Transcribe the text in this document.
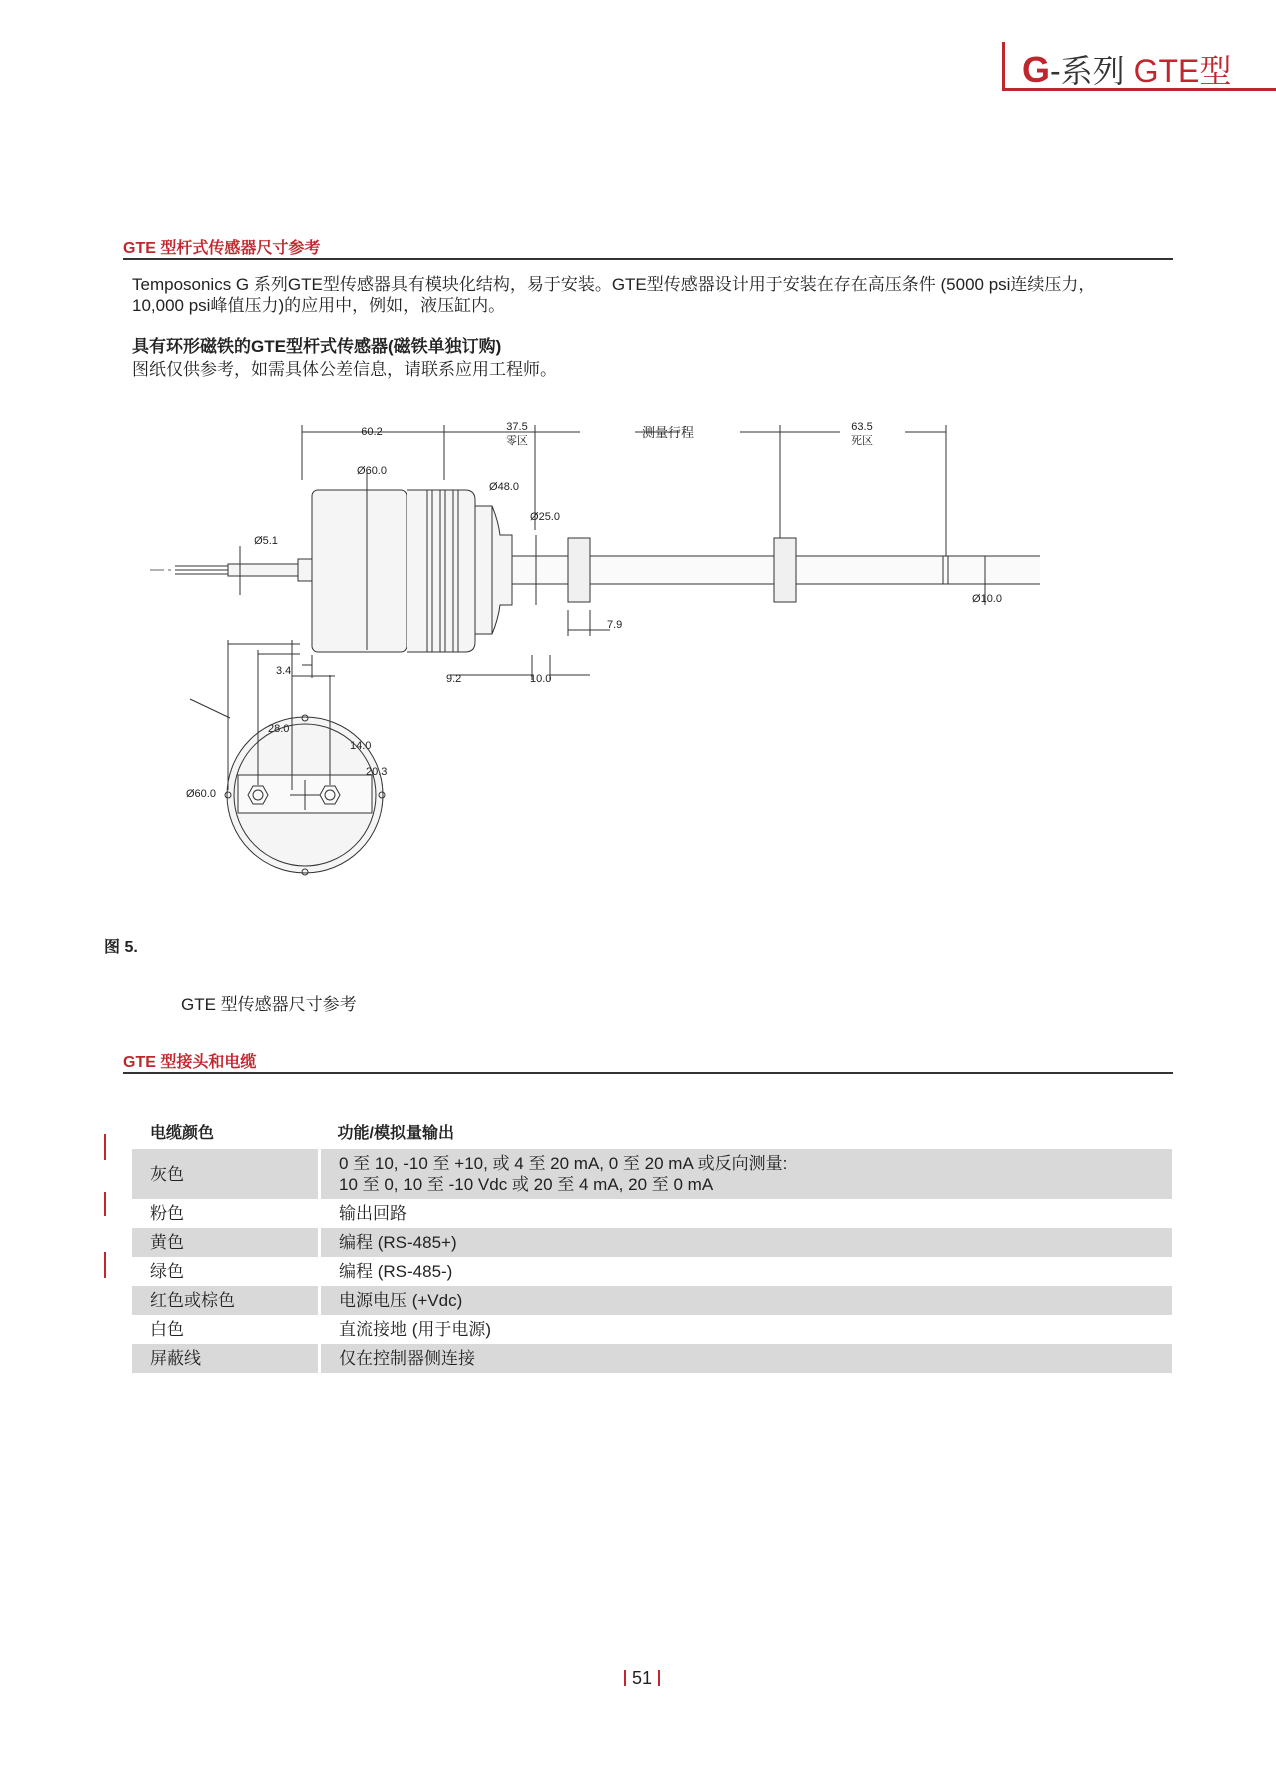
G-系列 GTE型
GTE 型杆式传感器尺寸参考
Temposonics G 系列GTE型传感器具有模块化结构，易于安装。GTE型传感器设计用于安装在存在高压条件 (5000 psi连续压力，
10,000 psi峰值压力)的应用中，例如，液压缸内。
具有环形磁铁的GTE型杆式传感器(磁铁单独订购)
图纸仅供参考，如需具体公差信息，请联系应用工程师。
60.2	37.5
零区
测量行程	63.5
死区
Ø60.0
Ø48.0
Ø25.0
Ø5.1
Ø10.0
7.9
3.4
9.2	10.0
28.0
14.0
20.3
Ø60.0
图 5.
GTE 型传感器尺寸参考
GTE 型接头和电缆
电缆颜色	功能/模拟量输出
灰色	0 至 10, -10 至 +10, 或 4 至 20 mA, 0 至 20 mA 或反向测量:
10 至 0, 10 至 -10 Vdc 或 20 至 4 mA, 20 至 0 mA
粉色	输出回路
黄色	编程 (RS-485+)
绿色	编程 (RS-485-)
红色或棕色	电源电压 (+Vdc)
白色	直流接地 (用于电源)
屏蔽线	仅在控制器侧连接
51
